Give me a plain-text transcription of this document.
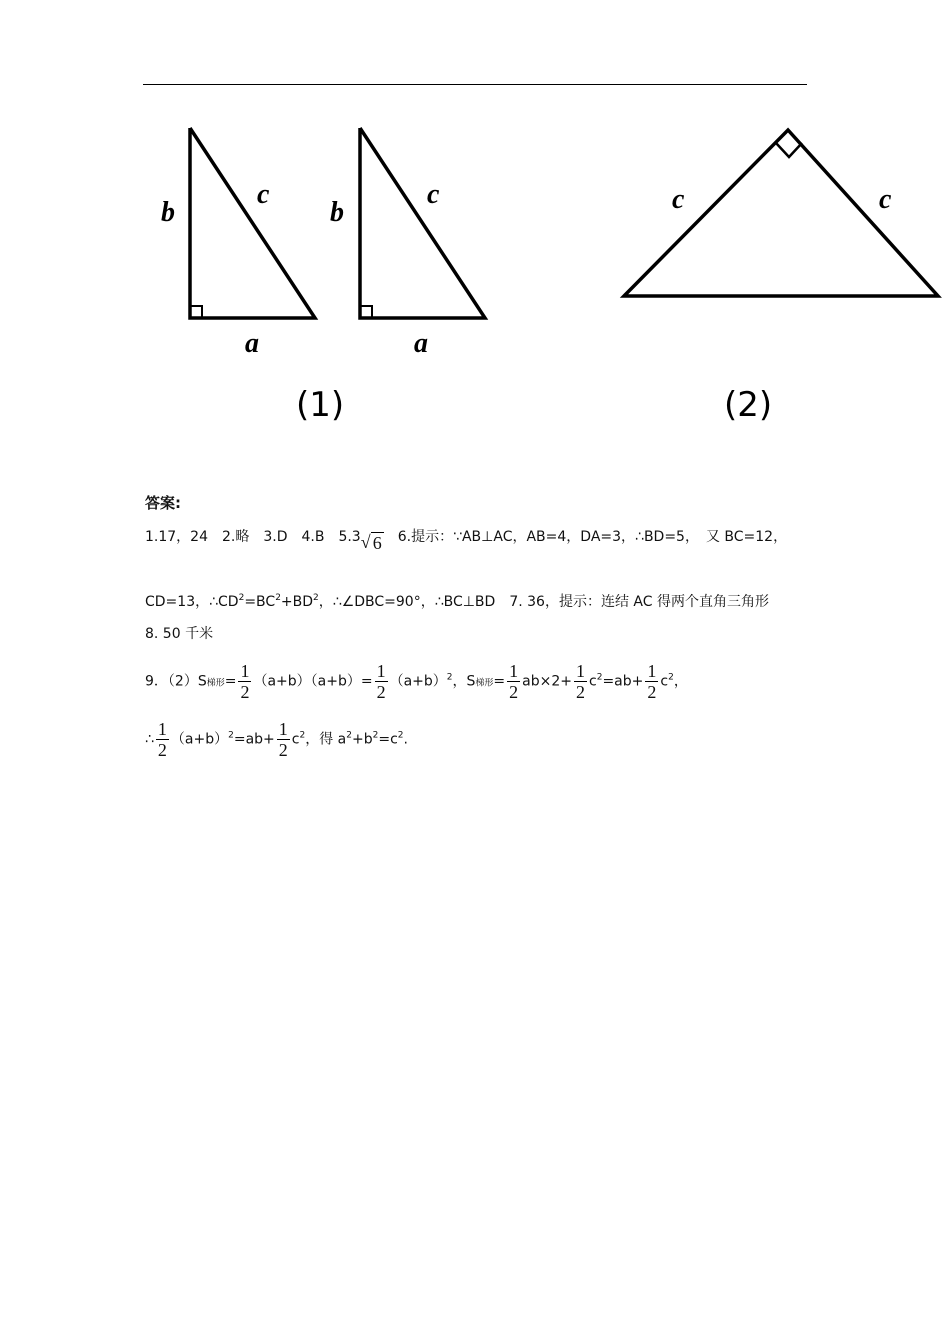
b
c
a
b
c
a
(1)
c	c
(2)
答案:
1.17，24　2.略　3.D　4.B　5.3 √ 6　6.提示：∵AB⊥AC，AB=4，DA=3，∴BD=5，　又 BC=12，
CD=13，$\therefore CD^2=BC^2+BD^2$，∴∠DBC=90°，∴BC⊥BD　7. 36，提示：连结 AC 得两个直角三角形
8. 50 千米
9．（2）S梯形= $\frac{1}{2} (a+b)(a+b)= \frac{1}{2} (a+b)^2$，S梯形= $\frac{1}{2} ab\times 2+ \frac{1}{2} c^2=ab+ \frac{1}{2} c^2$，
∴ $\frac{1}{2} (a+b)^2=ab+ \frac{1}{2} c^2$，得 $a^2+b^2=c^2$.
